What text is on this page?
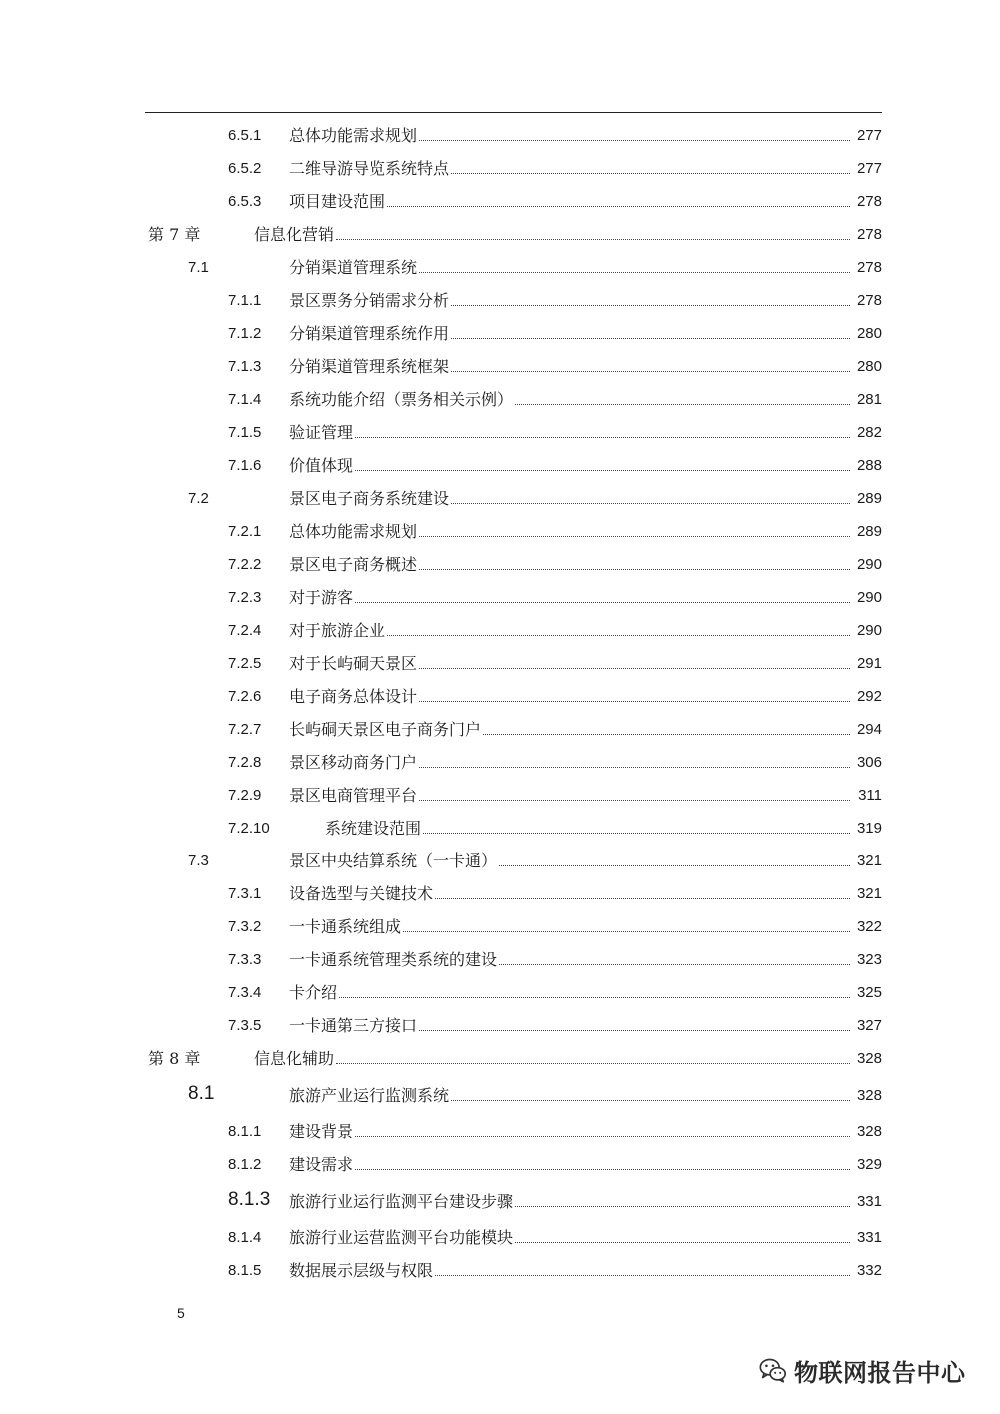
6.5.1 总体功能需求规划	277
6.5.2 二维导游导览系统特点	277
6.5.3 项目建设范围	278
第 7 章	信息化营销	278
7.1	分销渠道管理系统	278
7.1.1 景区票务分销需求分析	278
7.1.2 分销渠道管理系统作用	280
7.1.3 分销渠道管理系统框架	280
7.1.4 系统功能介绍（票务相关示例）	281
7.1.5 验证管理	282
7.1.6 价值体现	288
7.2	景区电子商务系统建设	289
7.2.1 总体功能需求规划	289
7.2.2 景区电子商务概述	290
7.2.3 对于游客	290
7.2.4 对于旅游企业	290
7.2.5 对于长屿硐天景区	291
7.2.6 电子商务总体设计	292
7.2.7 长屿硐天景区电子商务门户	294
7.2.8 景区移动商务门户	306
7.2.9 景区电商管理平台	311
7.2.10	系统建设范围	319
7.3	景区中央结算系统（一卡通）	321
7.3.1 设备选型与关键技术	321
7.3.2 一卡通系统组成	322
7.3.3 一卡通系统管理类系统的建设	323
7.3.4 卡介绍	325
7.3.5 一卡通第三方接口	327
第 8 章	信息化辅助	328
8.1	旅游产业运行监测系统	328
8.1.1 建设背景	328
8.1.2 建设需求	329
8.1.3 旅游行业运行监测平台建设步骤	331
8.1.4 旅游行业运营监测平台功能模块	331
8.1.5 数据展示层级与权限	332
5
物联网报告中心
